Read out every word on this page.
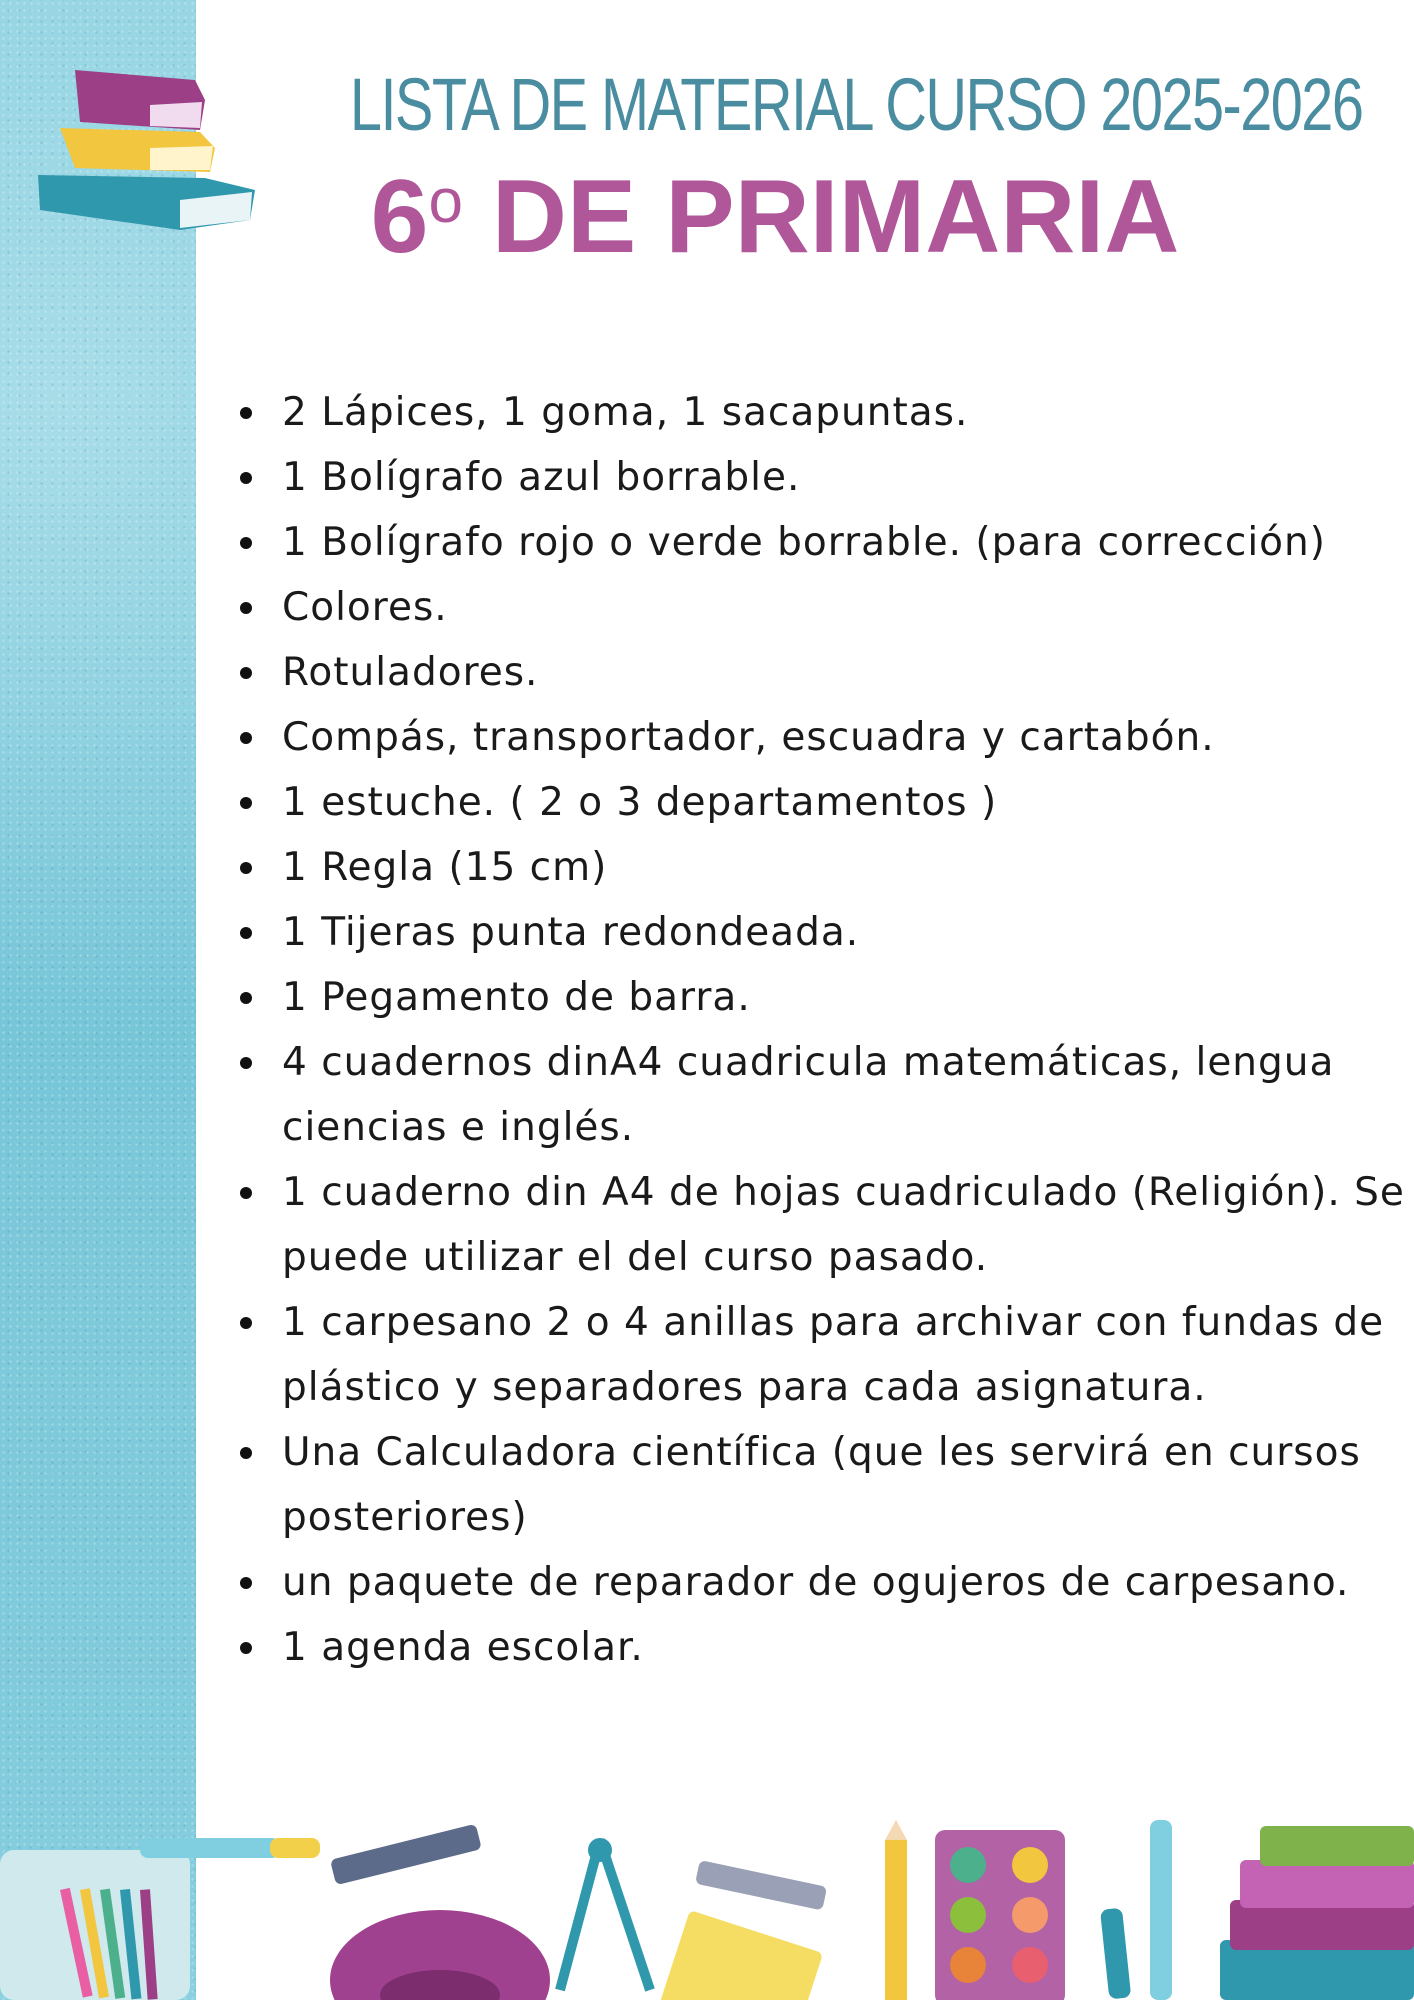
LISTA DE MATERIAL CURSO 2025-2026
6$^o$ DE PRIMARIA
2 Lápices, 1 goma, 1 sacapuntas.
1 Bolígrafo azul borrable.
1 Bolígrafo rojo o verde borrable. (para corrección)
Colores.
Rotuladores.
Compás, transportador, escuadra y cartabón.
1 estuche. ( 2 o 3 departamentos )
1 Regla (15 cm)
1 Tijeras punta redondeada.
1 Pegamento de barra.
4 cuadernos dinA4 cuadricula matemáticas, lengua ciencias e inglés.
1 cuaderno din A4 de hojas cuadriculado (Religión). Se puede utilizar el del curso pasado.
1 carpesano 2 o 4 anillas para archivar con fundas de plástico y separadores para cada asignatura.
Una Calculadora científica (que les servirá en cursos posteriores)
un paquete de reparador de ogujeros de carpesano.
1 agenda escolar.
